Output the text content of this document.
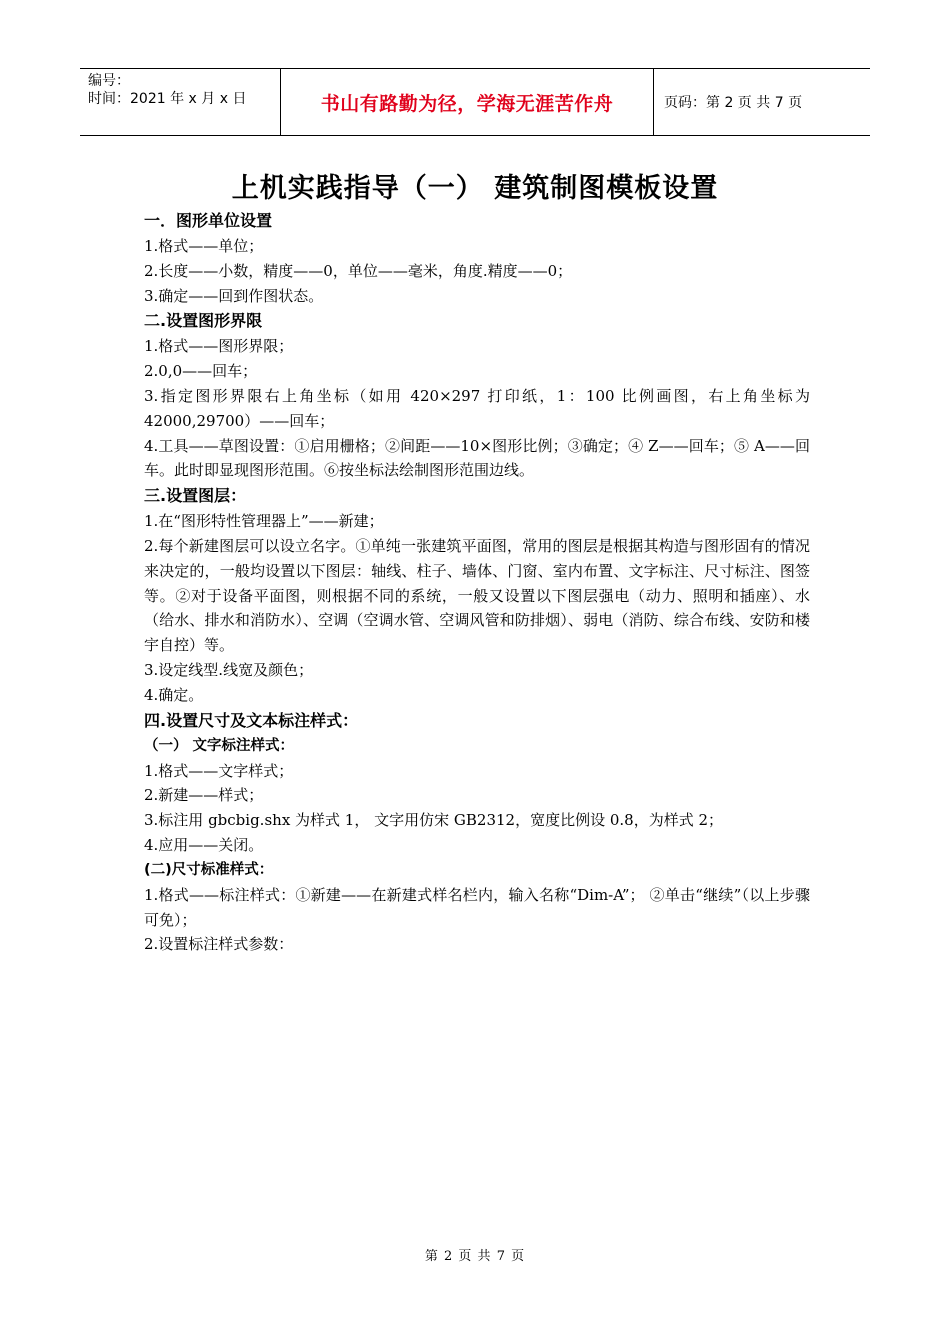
编号：
时间：2021 年 x 月 x 日	书山有路勤为径，学海无涯苦作舟	页码：第 2 页 共 7 页
上机实践指导（一） 建筑制图模板设置
一．图形单位设置

1.格式——单位；

2.长度——小数，精度——0，单位——毫米，角度.精度——0；

3.确定——回到作图状态。

二.设置图形界限

1.格式——图形界限；

2.0,0——回车；

3.指定图形界限右上角坐标（如用 420×297 打印纸，1：100 比例画图，右上角坐标为 42000,29700）——回车；

4.工具——草图设置：①启用栅格；②间距——10×图形比例；③确定；④ Z——回车；⑤ A——回车。此时即显现图形范围。⑥按坐标法绘制图形范围边线。

三.设置图层：

1.在“图形特性管理器上”——新建；

2.每个新建图层可以设立名字。①单纯一张建筑平面图，常用的图层是根据其构造与图形固有的情况来决定的，一般均设置以下图层：轴线、柱子、墙体、门窗、室内布置、文字标注、尺寸标注、图签等。②对于设备平面图，则根据不同的系统，一般又设置以下图层强电（动力、照明和插座）、水（给水、排水和消防水）、空调（空调水管、空调风管和防排烟）、弱电（消防、综合布线、安防和楼宇自控）等。

3.设定线型.线宽及颜色；

4.确定。

四.设置尺寸及文本标注样式：
（一） 文字标注样式：

1.格式——文字样式；

2.新建——样式；

3.标注用 gbcbig.shx 为样式 1， 文字用仿宋 GB2312，宽度比例设 0.8，为样式 2；

4.应用——关闭。

(二)尺寸标准样式：

1.格式——标注样式：①新建——在新建式样名栏内，输入名称“Dim-A”； ②单击“继续”（以上步骤可免）；

2.设置标注样式参数：

第 2 页 共 7 页
